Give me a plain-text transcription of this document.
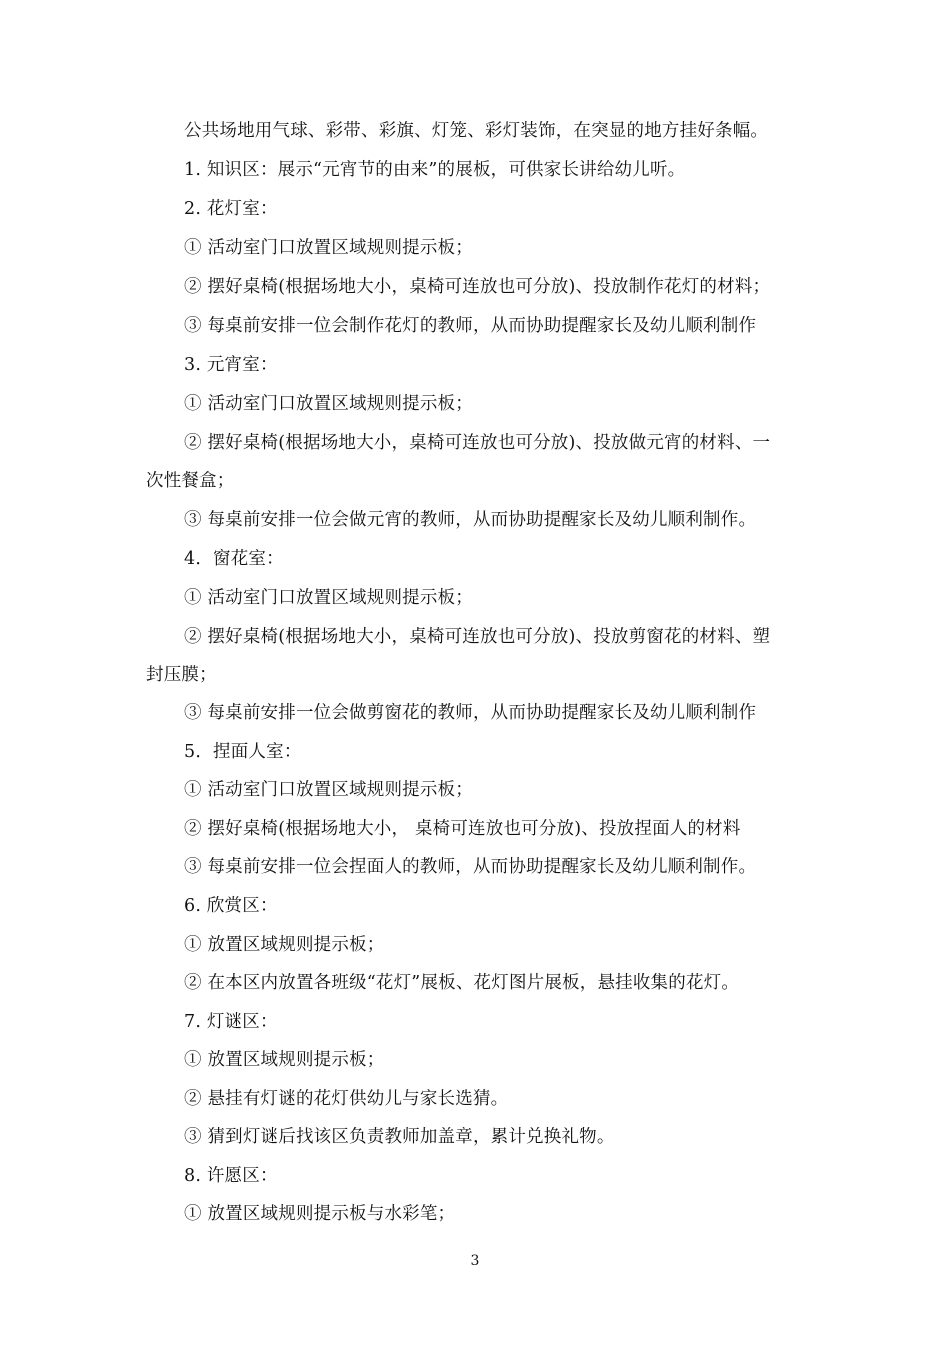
公共场地用气球、彩带、彩旗、灯笼、彩灯装饰，在突显的地方挂好条幅。
1. 知识区：展示“元宵节的由来”的展板，可供家长讲给幼儿听。
2. 花灯室：
① 活动室门口放置区域规则提示板；
② 摆好桌椅(根据场地大小，桌椅可连放也可分放)、投放制作花灯的材料；
③ 每桌前安排一位会制作花灯的教师，从而协助提醒家长及幼儿顺利制作
3. 元宵室：
① 活动室门口放置区域规则提示板；
② 摆好桌椅(根据场地大小，桌椅可连放也可分放)、投放做元宵的材料、一
次性餐盒；
③ 每桌前安排一位会做元宵的教师，从而协助提醒家长及幼儿顺利制作。
4．窗花室：
① 活动室门口放置区域规则提示板；
② 摆好桌椅(根据场地大小，桌椅可连放也可分放)、投放剪窗花的材料、塑
封压膜；
③ 每桌前安排一位会做剪窗花的教师，从而协助提醒家长及幼儿顺利制作
5．捏面人室：
① 活动室门口放置区域规则提示板；
② 摆好桌椅(根据场地大小， 桌椅可连放也可分放)、投放捏面人的材料
③ 每桌前安排一位会捏面人的教师，从而协助提醒家长及幼儿顺利制作。
6. 欣赏区：
① 放置区域规则提示板；
② 在本区内放置各班级“花灯”展板、花灯图片展板，悬挂收集的花灯。
7. 灯谜区：
① 放置区域规则提示板；
② 悬挂有灯谜的花灯供幼儿与家长选猜。
③ 猜到灯谜后找该区负责教师加盖章，累计兑换礼物。
8. 许愿区：
① 放置区域规则提示板与水彩笔；
3
